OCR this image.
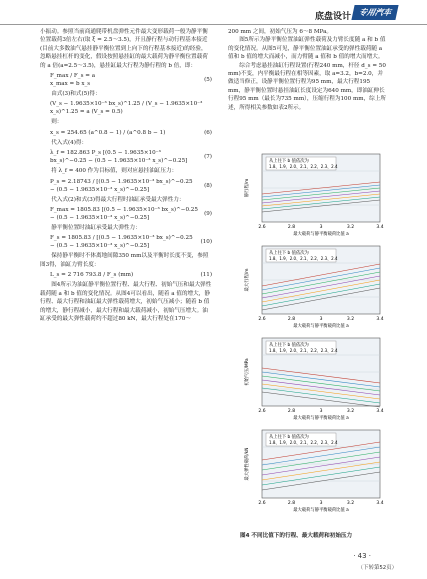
底盘设计 专用汽车

小振动。参照当前商通爬带机盘弹性元件最大变形载荷一般为静平衡位置载荷3倍左右(取 ξ = 2.5～3.5)，开且静行程与动行程基本接近(目前大多数油气悬挂静平衡位置到上向下的行程基本接近)的经验，忽略悬挂杠杆的变化，假设按照悬挂缸的最大载荷为静平衡位置载荷的 a 倍(a=2.5～3.5)，悬挂缸最大行程为静行程的 b 倍，即：

F_max / F_s = a
x_max = b x_s
(5)

由式(3)和式(5)得：

(V_s − 1.9635×10⁻³ bx_s)^1.25 / (V_s − 1.9635×10⁻³ x_s)^1.25 = a (V_s = 0.5)

则：

x_s = 254.65 (a^0.8 − 1) / (a^0.8 b − 1)	(6)

代入式(4)得：

λ_f = 182.863 P_s [(0.5 − 1.9635×10⁻³ bx_s)^−0.25 − (0.5 − 1.9635×10⁻³ x_s)^−0.25]
(7)

将 λ_f = 400 作为目标值，则对应悬挂油缸压力：

P_s = 2.18743 / [(0.5 − 1.9635×10⁻³ bx_s)^−0.25 − (0.5 − 1.9635×10⁻³ x_s)^−0.25]
(8)

代入式(2)和式(3)得最大行程时油缸承受最大弹性力：

F_max = 1805.83 [(0.5 − 1.9635×10⁻³ bx_s)^−0.25 − (0.5 − 1.9635×10⁻³ x_s)^−0.25]
(9)

静平衡位置时油缸承受最大弹性力：

F_s = 1805.83 / [(0.5 − 1.9635×10⁻³ bx_s)^−0.25 − (0.5 − 1.9635×10⁻³ x_s)^−0.25]
(10)

保持静平衡时不体离地间隙350 mm以及平衡时长度不变，参照图3得，油缸力臂长度：

L_s = 2 716 793.8 / F_s (mm)	(11)

图4所示为油缸静平衡位置行程、最大行程、初始气压和最大弹性载荷随 a 和 b 值的变化情况。从图4可以看出，随着 a 值的增大，静行程、最大行程和油缸最大弹性载荷增大，初始气压减小；随着 b 值的增大，静行程减小，最大行程和最大载荷减小，初始气压增大。油缸承受的最大弹性载荷约不超过80 kN，最大行程处在170～

200 mm 之间，初始气压为 6～8 MPa。

图5所示为静平衡位置油缸弹性载荷及力臂长度随 a 和 b 值的变化情况。从图5可见，静平衡位置油缸承受的弹性载荷随 a 值和 b 值的增大而减小，而力臂随 a 值和 b 值的增大而增大。

综合考虑悬挂油缸行程设置(行程240 mm，杆径 d_s = 50 mm)不变，内平衡最行程在相等因素，取 a=3.2，b=2.0，并做适当修正，设静平衡位置行程为95 mm，最大行程195 mm，静平衡位置时悬挂油缸长度设定为640 mm，即油缸伸长行程95 mm（最长为735 mm），压缩行程为100 mm，综上所述，所得相关参数如表2所示。

2.6	2.8	3	3.2	3.4
从上往下 b 值依次为
1.8、1.9、2.0、2.1、2.2、2.3、2.4
静行程/m
最大载荷与静平衡载荷比值 a
2.6	2.8	3	3.2	3.4
从上往下 b 值依次为
1.8、1.9、2.0、2.1、2.2、2.3、2.4
最大行程/m
最大载荷与静平衡载荷比值 a
2.6	2.8	3	3.2	3.4
从上往下 b 值依次为
1.8、1.9、2.0、2.1、2.2、2.3、2.4
初始气压/MPa
最大载荷与静平衡载荷比值 a
2.6	2.8	3	3.2	3.4
从上往下 b 值依次为
1.8、1.9、2.0、2.1、2.2、2.3、2.4
最大弹性载荷/kN
最大载荷与静平衡载荷比值 a
图4 不同比值下的行程、最大载荷和初始压力
· 43 ·
（下转第52页）
